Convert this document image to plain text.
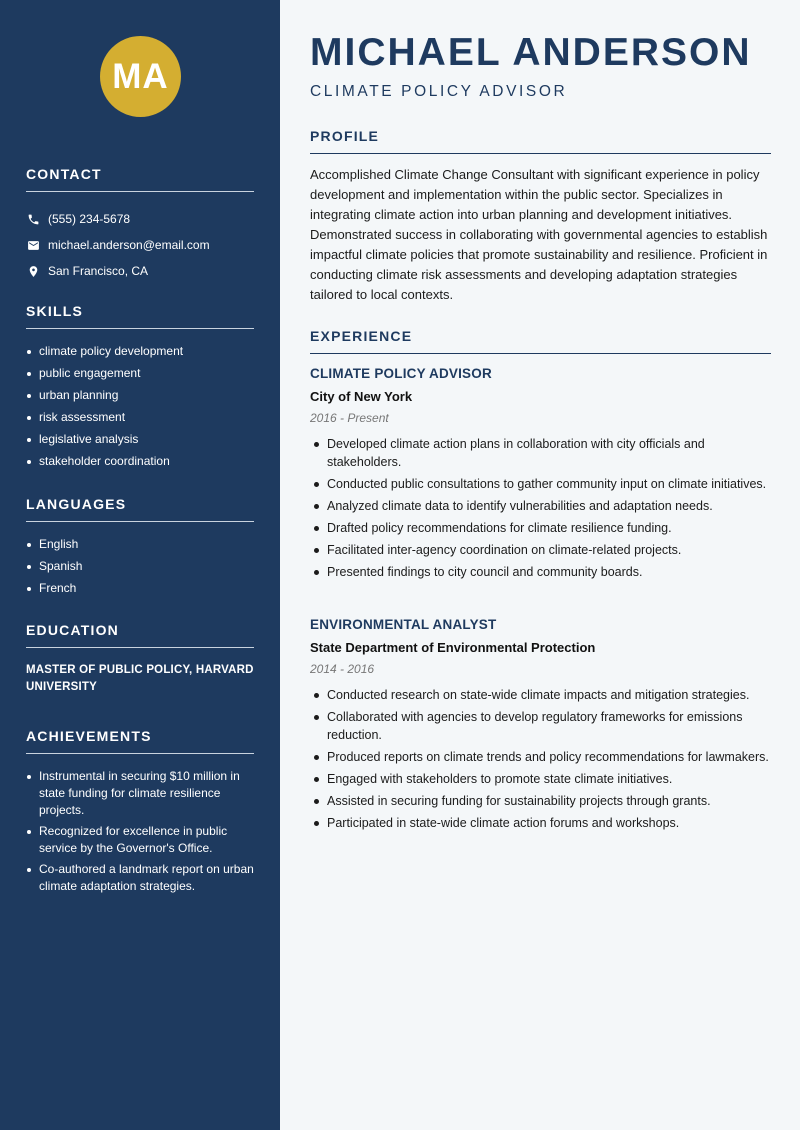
MA
CONTACT
(555) 234-5678
michael.anderson@email.com
San Francisco, CA
SKILLS
climate policy development
public engagement
urban planning
risk assessment
legislative analysis
stakeholder coordination
LANGUAGES
English
Spanish
French
EDUCATION
MASTER OF PUBLIC POLICY, HARVARD UNIVERSITY
ACHIEVEMENTS
Instrumental in securing $10 million in state funding for climate resilience projects.
Recognized for excellence in public service by the Governor's Office.
Co-authored a landmark report on urban climate adaptation strategies.
MICHAEL ANDERSON
CLIMATE POLICY ADVISOR
PROFILE

Accomplished Climate Change Consultant with significant experience in policy development and implementation within the public sector. Specializes in integrating climate action into urban planning and development initiatives. Demonstrated success in collaborating with governmental agencies to establish impactful climate policies that promote sustainability and resilience. Proficient in conducting climate risk assessments and developing adaptation strategies tailored to local contexts.

EXPERIENCE
CLIMATE POLICY ADVISOR
City of New York
2016 - Present
Developed climate action plans in collaboration with city officials and stakeholders.
Conducted public consultations to gather community input on climate initiatives.
Analyzed climate data to identify vulnerabilities and adaptation needs.
Drafted policy recommendations for climate resilience funding.
Facilitated inter-agency coordination on climate-related projects.
Presented findings to city council and community boards.
ENVIRONMENTAL ANALYST
State Department of Environmental Protection
2014 - 2016
Conducted research on state-wide climate impacts and mitigation strategies.
Collaborated with agencies to develop regulatory frameworks for emissions reduction.
Produced reports on climate trends and policy recommendations for lawmakers.
Engaged with stakeholders to promote state climate initiatives.
Assisted in securing funding for sustainability projects through grants.
Participated in state-wide climate action forums and workshops.
